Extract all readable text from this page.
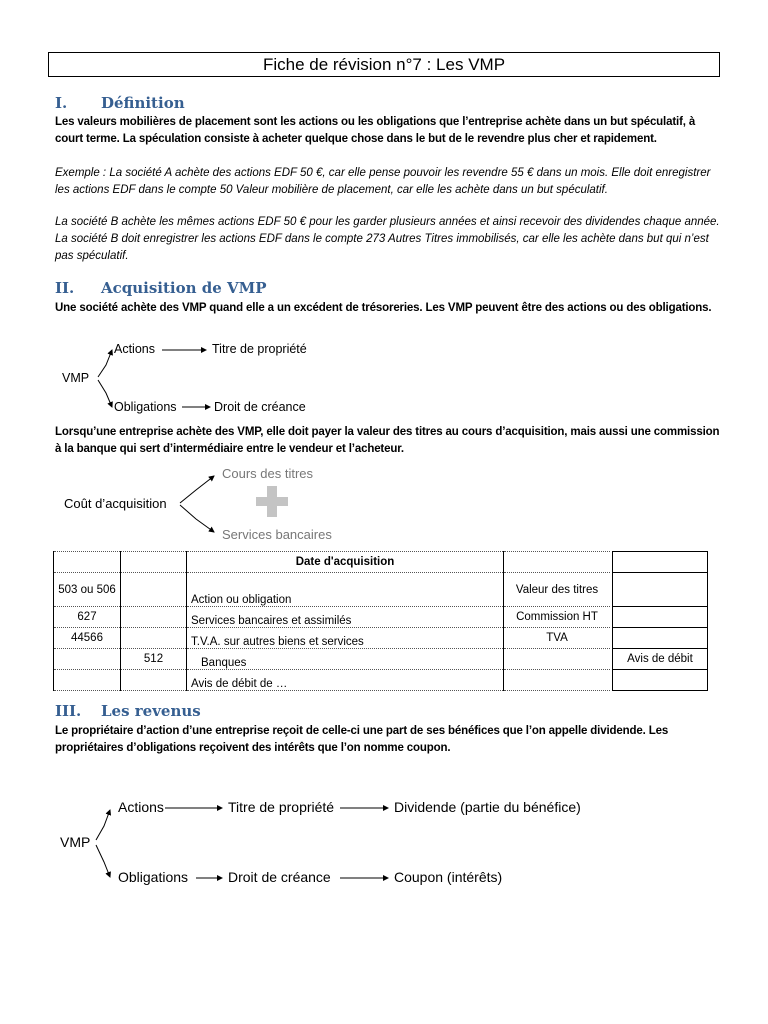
Fiche de révision n°7 : Les VMP
I. Définition
Les valeurs mobilières de placement sont les actions ou les obligations que l’entreprise achète dans un but spéculatif, à court terme. La spéculation consiste à acheter quelque chose dans le but de le revendre plus cher et rapidement.
Exemple : La société A achète des actions EDF 50 €, car elle pense pouvoir les revendre 55 € dans un mois. Elle doit enregistrer les actions EDF dans le compte 50 Valeur mobilière de placement, car elle les achète dans un but spéculatif.
La société B achète les mêmes actions EDF 50 € pour les garder plusieurs années et ainsi recevoir des dividendes chaque année. La société B doit enregistrer les actions EDF dans le compte 273 Autres Titres immobilisés, car elle les achète dans but qui n’est pas spéculatif.
II. Acquisition de VMP
Une société achète des VMP quand elle a un excédent de trésoreries. Les VMP peuvent être des actions ou des obligations.
VMP
Actions	Titre de propriété
Obligations	Droit de créance
Lorsqu’une entreprise achète des VMP, elle doit payer la valeur des titres au cours d’acquisition, mais aussi une commission à la banque qui sert d’intermédiaire entre le vendeur et l’acheteur.
Coût d’acquisition
Cours des titres
Services bancaires
		Date d'acquisition			
503 ou 506		Action ou obligation	Valeur des titres		
627		Services bancaires et assimilés	Commission HT		
44566		T.V.A. sur autres biens et services	TVA		
	512	Banques			Avis de débit
		Avis de débit de …			
III. Les revenus
Le propriétaire d’action d’une entreprise reçoit de celle-ci une part de ses bénéfices que l’on appelle dividende. Les propriétaires d’obligations reçoivent des intérêts que l’on nomme coupon.
VMP
Actions	Titre de propriété	Dividende (partie du bénéfice)
Obligations	Droit de créance	Coupon (intérêts)
